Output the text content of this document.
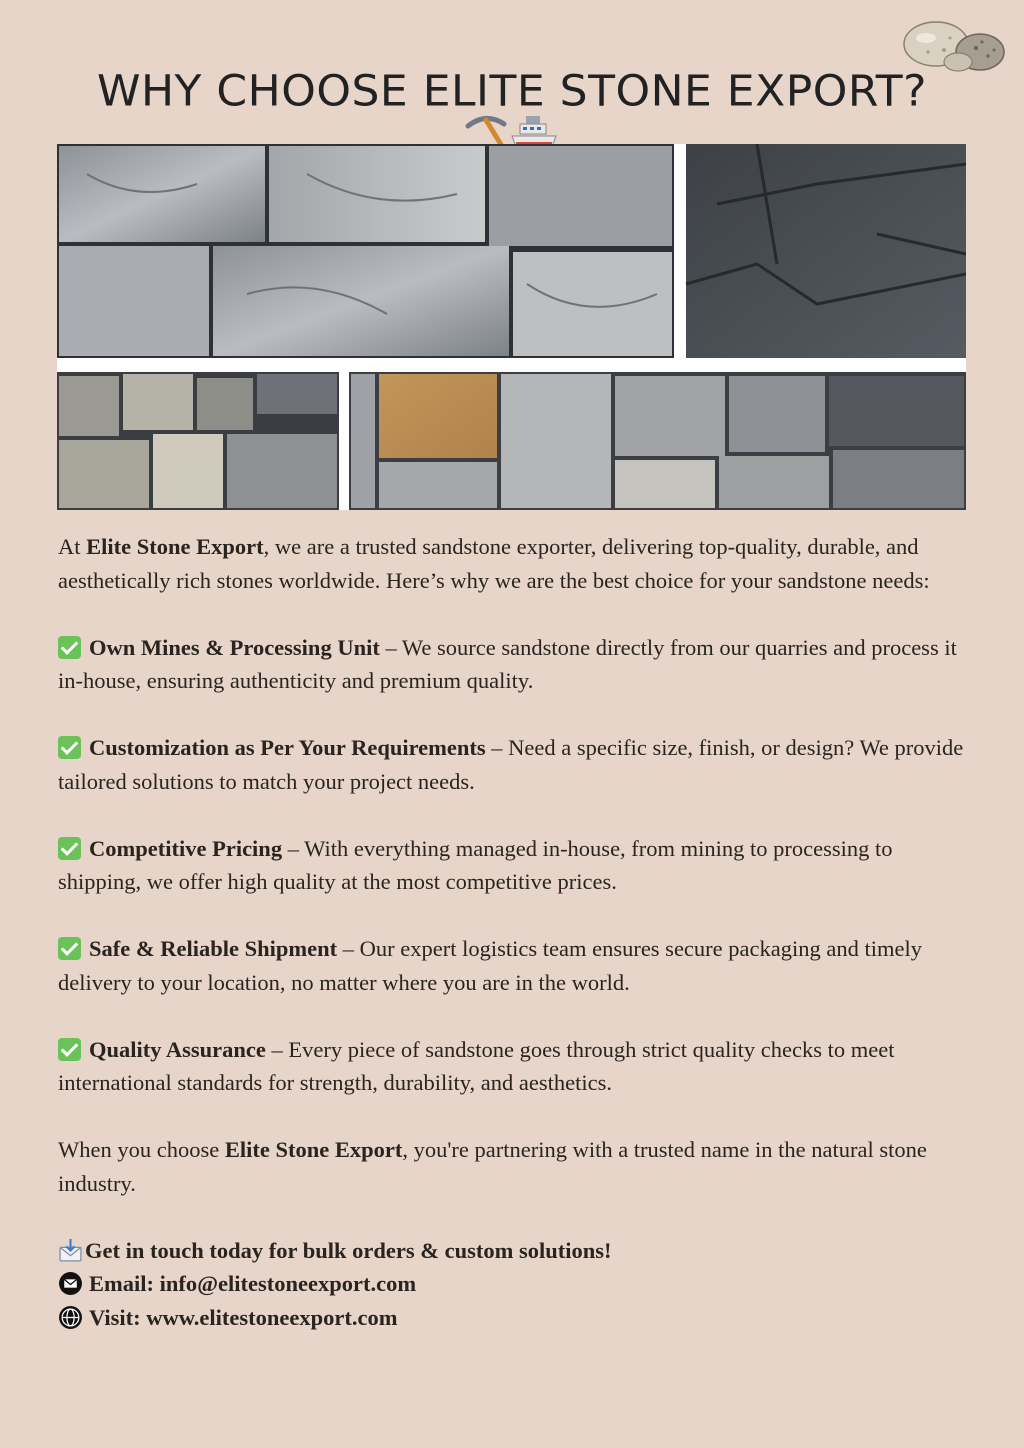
WHY CHOOSE ELITE STONE EXPORT?

At Elite Stone Export, we are a trusted sandstone exporter, delivering top-quality, durable, and aesthetically rich stones worldwide. Here’s why we are the best choice for your sandstone needs:

Own Mines & Processing Unit – We source sandstone directly from our quarries and process it in-house, ensuring authenticity and premium quality.

Customization as Per Your Requirements – Need a specific size, finish, or design? We provide tailored solutions to match your project needs.

Competitive Pricing – With everything managed in-house, from mining to processing to shipping, we offer high quality at the most competitive prices.

Safe & Reliable Shipment – Our expert logistics team ensures secure packaging and timely delivery to your location, no matter where you are in the world.

Quality Assurance – Every piece of sandstone goes through strict quality checks to meet international standards for strength, durability, and aesthetics.

When you choose Elite Stone Export, you're partnering with a trusted name in the natural stone industry.

Get in touch today for bulk orders & custom solutions!
Email: info@elitestoneexport.com
Visit: www.elitestoneexport.com
